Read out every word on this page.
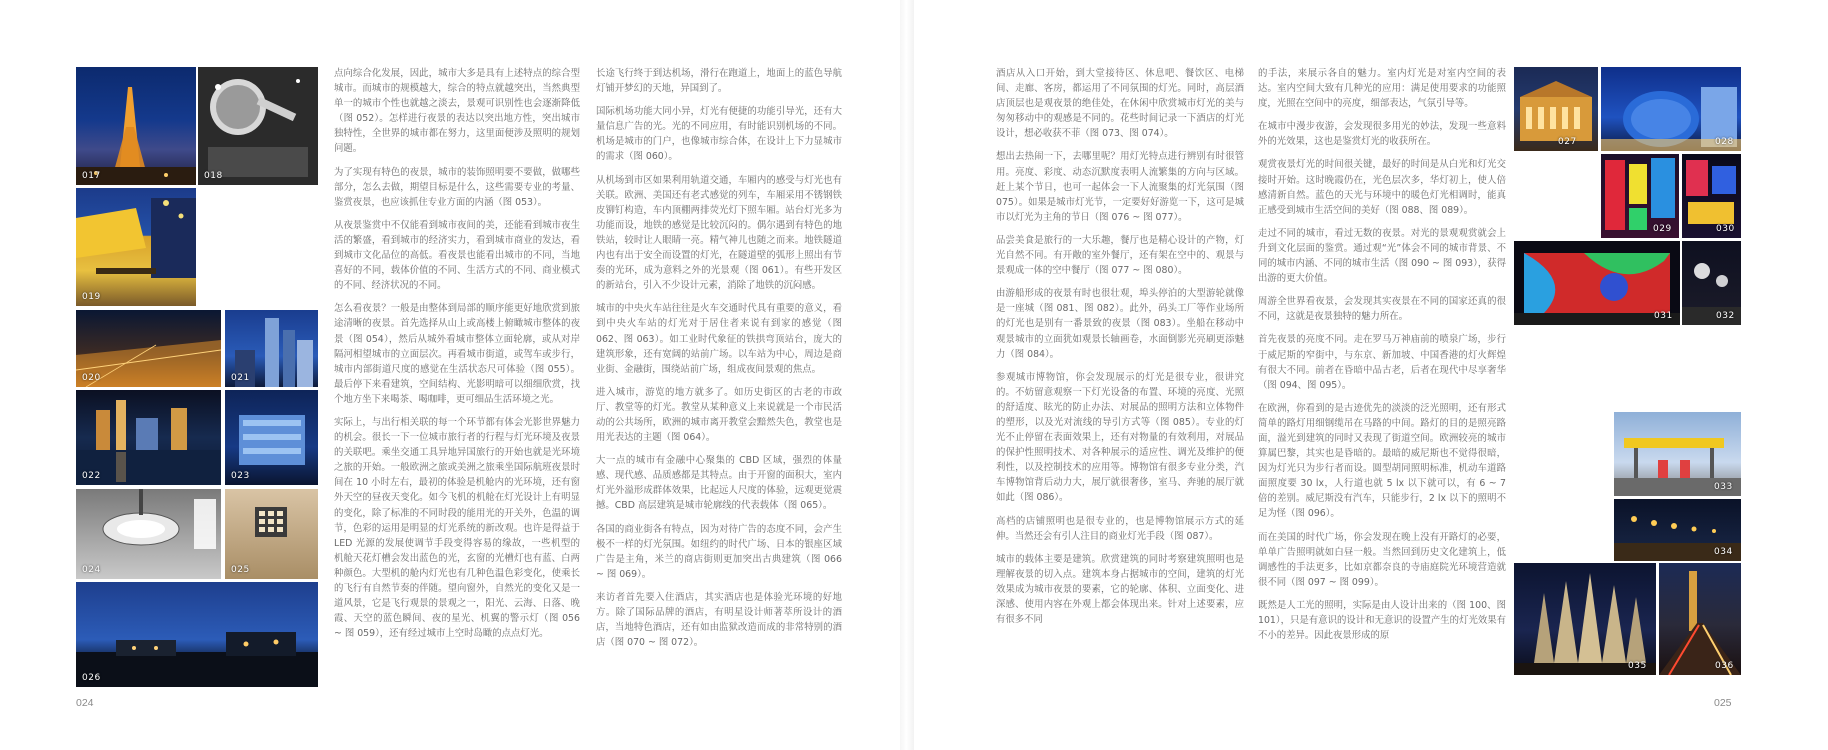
017	018
019
020	021
022	023
024	025
026

点向综合化发展，因此，城市大多是具有上述特点的综合型城市。而城市的规模越大，综合的特点就越突出，当然典型单一的城市个性也就越之淡去，景观可识别性也会逐渐降低（图 052）。怎样进行夜景的表达以突出地方性，突出城市独特性，全世界的城市都在努力，这里面便涉及照明的规划问题。

为了实现有特色的夜景，城市的装饰照明要不要做，做哪些部分，怎么去做，期望目标是什么，这些需要专业的考量、鉴赏夜景，也应该抓住专业方面的内涵（图 053）。

从夜景鉴赏中不仅能看到城市夜间的美，还能看到城市夜生活的繁盛，看到城市的经济实力，看到城市商业的发达，看到城市文化品位的高低。看夜景也能看出城市的不同，当地喜好的不同，载体价值的不同、生活方式的不同、商业模式的不同、经济状况的不同。

怎么看夜景？一般是由整体到局部的顺序能更好地欣赏到旅途清晰的夜景。首先选择从山上或高楼上俯瞰城市整体的夜景（图 054），然后从城外看城市整体立面轮廓，或从对岸隔河相望城市的立面层次。再看城市街道，或驾车或步行，城市内部街道尺度的感觉在生活状态尺可体验（图 055）。最后停下来看建筑，空间结构、光影明暗可以细细欣赏，找个地方坐下来喝茶、喝咖啡，更可细品生活环境之光。

实际上，与出行相关联的每一个环节都有体会光影世界魅力的机会。很长一下一位城市旅行者的行程与灯光环境及夜景的关联吧。乘坐交通工具异地异国旅行的开始也就是光环境之旅的开始。一般欧洲之旅或美洲之旅乘坐国际航班夜景时间在 10 小时左右，最初的体验是机舱内的光环境，还有窗外天空的昼夜天变化。如今飞机的机舱在灯光设计上有明显的变化，除了标准的不同时段的能用光的开关外，色温的调节，色彩的运用是明显的灯光系统的新改观。也许是得益于 LED 光源的发展使调节手段变得容易的缘故，一些机型的机舱天花灯槽会发出蓝色的光，玄窗的光槽灯也有蓝、白两种颜色。大型机的舱内灯光也有几种色温色彩变化，使乘长的飞行有自然节奏的伴随。望向窗外，自然光的变化又是一道风景，它是飞行观景的景观之一，阳光、云海、日落、晚霞、天空的蓝色瞬间、夜的星光、机翼的警示灯（图 056 ~ 图 059），还有经过城市上空时岛瞰的点点灯光。

长途飞行终于到达机场，滑行在跑道上，地面上的蓝色导航灯铺开梦幻的天地，异国到了。

国际机场功能大同小异，灯光有便捷的功能引导光，还有大量信息广告的光。光的不同应用，有时能识别机场的不同。机场是城市的门户，也像城市综合体，在设计上下力显城市的需求（图 060）。

从机场到市区如果利用轨道交通，车厢内的感受与灯光也有关联。欧洲、美国还有老式感觉的列车，车厢采用不锈钢铁皮铆钉构造，车内顶棚两排荧光灯下照车厢。站台灯光多为功能而设，地铁的感觉是比较沉闷的。偶尔遇到有特色的地铁站，较时让人眼睛一亮。精气神儿也随之而来。地铁隧道内也有出于安全而设置的灯光，在隧道壁的弧形上照出有节奏的光环，成为意料之外的光景观（图 061）。有些开发区的新站台，引入不少设计元素，消除了地铁的沉闷感。

城市的中央火车站往往是火车交通时代具有重要的意义，看到中央火车站的灯光对于居住者来说有到家的感觉（图 062、图 063）。如工业时代象征的铁拱弯顶站台，庞大的建筑形象，还有宽阔的站前广场。以车站为中心，周边是商业街、金融街，围绕站前广场，组成夜间景观的焦点。

进入城市，游览的地方就多了。如历史街区的古老的市政厅、教堂等的灯光。教堂从某种意义上来说就是一个市民活动的公共场所，欧洲的城市离开教堂会黯然失色，教堂也是用光表达的主题（图 064）。

大一点的城市有金融中心聚集的 CBD 区域，强烈的体量感、现代感、品质感都是其特点。由于开窗的面积大，室内灯光外溢形成群体效果，比起远人尺度的体验，远观更觉震撼。CBD 高层建筑是城市轮廓线的代表载体（图 065）。

各国的商业街各有特点，因为对待广告的态度不同，会产生极不一样的灯光氛围。如纽约的时代广场、日本的银座区域广告是主角，米兰的商店街则更加突出古典建筑（图 066 ~ 图 069）。

来访者首先要入住酒店，其实酒店也是体验光环境的好地方。除了国际品牌的酒店，有明星设计师著萃所设计的酒店，当地特色酒店，还有如由监狱改造而成的非常特别的酒店（图 070 ~ 图 072）。

024

酒店从入口开始，到大堂接待区、休息吧、餐饮区、电梯间、走廊、客房，都运用了不同氛围的灯光。同时，高层酒店顶层也是观夜景的绝佳处，在休闲中欣赏城市灯光的美与匆匆移动中的观感是不同的。花些时间记录一下酒店的灯光设计，想必收获不菲（图 073、图 074）。

想出去热闹一下，去哪里呢？用灯光特点进行辨别有时很管用。亮度、彩度、动态沉默度表明人流繁集的方向与区域。赶上某个节日，也可一起体会一下人流聚集的灯光氛围（图 075）。如果是城市灯光节，一定要好好游览一下，这可是城市以灯光为主角的节日（图 076 ~ 图 077）。

品尝美食是旅行的一大乐趣，餐厅也是精心设计的产物，灯光自然不同。有开敞的室外餐厅，还有架在空中的、观景与景观成一体的空中餐厅（图 077 ~ 图 080）。

由游船形成的夜景有时也很壮观，埠头停泊的大型游轮就像是一座城（图 081、图 082）。此外，码头工厂等作业场所的灯光也是别有一番景致的夜景（图 083）。坐船在移动中观景城市的立面犹如观景长轴画卷，水面倒影光亮刷更添魅力（图 084）。

参观城市博物馆，你会发现展示的灯光是很专业，很讲究的。不妨留意观察一下灯光设备的布置、环境的亮度、光照的舒适度、眩光的防止办法、对展品的照明方法和立体物件的塑形，以及光对流线的导引方式等（图 085）。专业的灯光不止停留在表面效果上，还有对物量的有效利用，对展品的保护性照明技术、对各种展示的适应性、调光及维护的便利性，以及控制技术的应用等。博物馆有很多专业分类，汽车博物馆背后动力大，展厅就很奢侈，室马、奔驰的展厅就如此（图 086）。

高档的店铺照明也是很专业的，也是博物馆展示方式的延伸。当然还会有引人注目的商业灯光手段（图 087）。

城市的载体主要是建筑。欣赏建筑的同时考察建筑照明也是理解夜景的切入点。建筑本身占据城市的空间，建筑的灯光效果成为城市夜景的要素，它的轮廓、体积、立面变化、进深感、使用内容在外观上都会体现出来。针对上述要素，应有很多不同

的手法，来展示各自的魅力。室内灯光是对室内空间的表达。室内空间大致有几种光的应用：满足使用要求的功能照度，光照在空间中的亮度，细部表达，气氛引导等。

在城市中漫步夜游，会发现很多用光的妙法，发现一些意料外的光效果，这也是鉴赏灯光的收获所在。

观赏夜景灯光的时间很关键，最好的时间是从白光和灯光交接时开始。这时晚霞仍在，光色层次多，华灯初上，使人倍感清新自然。蓝色的天光与环境中的暖色灯光相调时，能真正感受到城市生活空间的美好（图 088、图 089）。

走过不同的城市，看过无数的夜景。对光的景观观赏就会上升到文化层面的鉴赏。通过观“光”体会不同的城市背景、不同的城市内涵、不同的城市生活（图 090 ~ 图 093），获得出游的更大价值。

周游全世界看夜景，会发现其实夜景在不同的国家还真的很不同，这就是夜景独特的魅力所在。

首先夜景的亮度不同。走在罗马万神庙前的喷泉广场，步行于威尼斯的窄街中，与东京、新加坡、中国香港的灯火辉煌有很大不同。前者在昏暗中品古老，后者在现代中尽享奢华（图 094、图 095）。

在欧洲，你看到的是古迹优先的淡淡的泛光照明，还有形式简单的路灯用细钢缆吊在马路的中间。路灯的目的是照亮路面，溢光到建筑的同时又表现了街道空间。欧洲较亮的城市算属巴黎，其实也是昏暗的。最暗的威尼斯也不觉得很暗，因为灯光只为步行者而设。圆型胡同照明标准，机动车道路面照度要 30 lx，人行道也就 5 lx 以下就可以，有 6 ~ 7 倍的差别。威尼斯没有汽车，只能步行，2 lx 以下的照明不足为怪（图 096）。

而在美国的时代广场，你会发现在晚上没有开路灯的必要，单单广告照明就如白昼一般。当然回到历史文化建筑上，低调感性的手法更多，比如京都奈良的寺庙庭院光环境营造就很不同（图 097 ~ 图 099）。

既然是人工光的照明，实际是由人设计出来的（图 100、图 101），只是有意识的设计和无意识的设置产生的灯光效果有不小的差异。因此夜景形成的原

027	028
029	030
031	032
033
034
035	036
025
